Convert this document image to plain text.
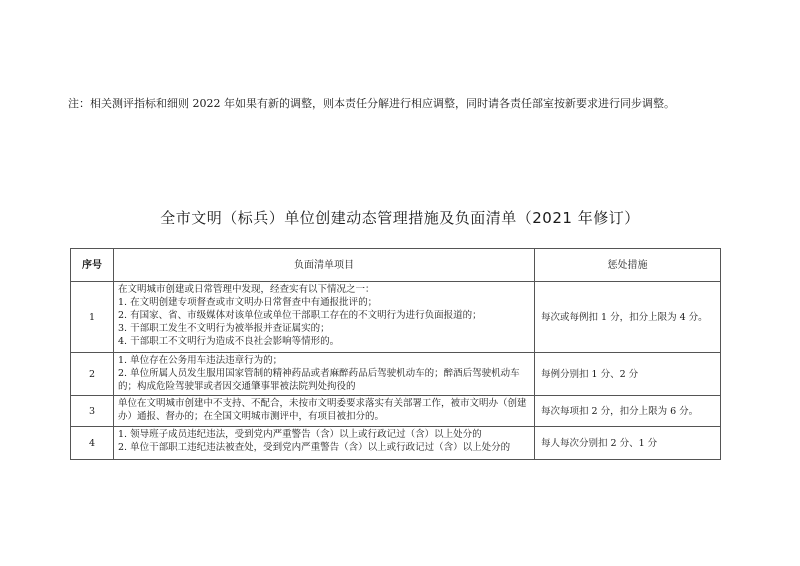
注：相关测评指标和细则 2022 年如果有新的调整，则本责任分解进行相应调整，同时请各责任部室按新要求进行同步调整。
全市文明（标兵）单位创建动态管理措施及负面清单（2021 年修订）
序号	负面清单项目	惩处措施
1	在文明城市创建或日常管理中发现，经查实有以下情况之一：
1. 在文明创建专项督查或市文明办日常督查中有通报批评的；
2. 有国家、省、市级媒体对该单位或单位干部职工存在的不文明行为进行负面报道的；
3. 干部职工发生不文明行为被举报并查证属实的；
4. 干部职工不文明行为造成不良社会影响等情形的。	每次或每例扣 1 分，扣分上限为 4 分。
2	1. 单位存在公务用车违法违章行为的；
2. 单位所属人员发生服用国家管制的精神药品或者麻醉药品后驾驶机动车的；醉酒后驾驶机动车的；构成危险驾驶罪或者因交通肇事罪被法院判处拘役的	每例分别扣 1 分、2 分
3	单位在文明城市创建中不支持、不配合，未按市文明委要求落实有关部署工作，被市文明办（创建办）通报、督办的；在全国文明城市测评中，有项目被扣分的。	每次每项扣 2 分，扣分上限为 6 分。
4	1. 领导班子成员违纪违法，受到党内严重警告（含）以上或行政记过（含）以上处分的
2. 单位干部职工违纪违法被查处，受到党内严重警告（含）以上或行政记过（含）以上处分的	每人每次分别扣 2 分、1 分
